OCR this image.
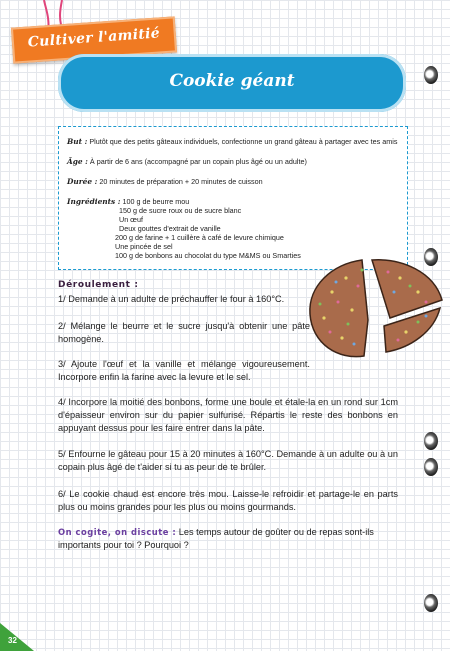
Cultiver l'amitié
Cookie géant
But : Plutôt que des petits gâteaux individuels, confectionne un grand gâteau à partager avec tes amis
Âge : À partir de 6 ans (accompagné par un copain plus âgé ou un adulte)
Durée : 20 minutes de préparation + 20 minutes de cuisson
Ingrédients : 100 g de beurre mou
150 g de sucre roux ou de sucre blanc
Un œuf
Deux gouttes d'extrait de vanille
200 g de farine + 1 cuillère à café de levure chimique
Une pincée de sel
100 g de bonbons au chocolat du type M&MS ou Smarties
Déroulement :
1/ Demande à un adulte de préchauffer le four à 160°C.
2/ Mélange le beurre et le sucre jusqu'à obtenir une pâte homogène.
3/ Ajoute l'œuf et la vanille et mélange vigoureusement. Incorpore enfin la farine avec la levure et le sel.
4/ Incorpore la moitié des bonbons, forme une boule et étale-la en un rond sur 1cm d'épaisseur environ sur du papier sulfurisé. Répartis le reste des bonbons en appuyant dessus pour les faire entrer dans la pâte.
5/ Enfourne le gâteau pour 15 à 20 minutes à 160°C. Demande à un adulte ou à un copain plus âgé de t'aider si tu as peur de te brûler.
6/ Le cookie chaud est encore très mou. Laisse-le refroidir et partage-le en parts plus ou moins grandes pour les plus ou moins gourmands.
On cogite, on discute : Les temps autour de goûter ou de repas sont-ils importants pour toi ? Pourquoi ?
32
